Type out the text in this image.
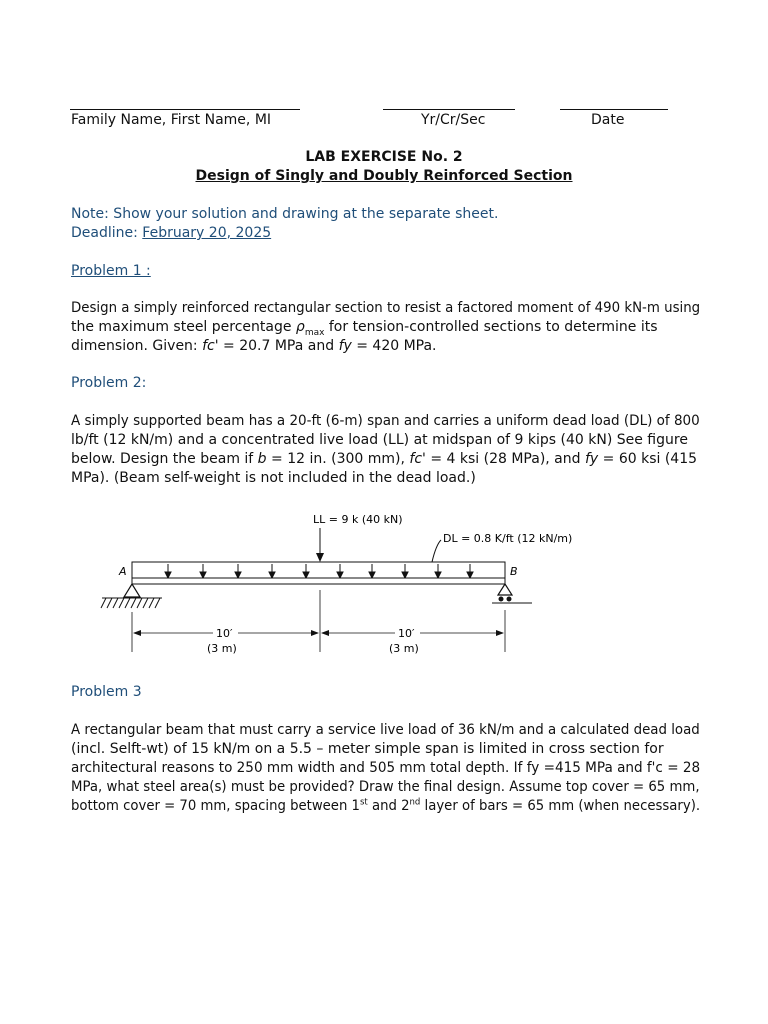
Family Name, First Name, MI	Yr/Cr/Sec	Date
LAB EXERCISE No. 2
Design of Singly and Doubly Reinforced Section
Note: Show your solution and drawing at the separate sheet.
Deadline: February 20, 2025
Problem 1 :
Design a simply reinforced rectangular section to resist a factored moment of 490 kN-m using
the maximum steel percentage $\rho_{max}$ for tension-controlled sections to determine its
dimension. Given: fc' = 20.7 MPa and fy = 420 MPa.
Problem 2:
A simply supported beam has a 20-ft (6-m) span and carries a uniform dead load (DL) of 800
lb/ft (12 kN/m) and a concentrated live load (LL) at midspan of 9 kips (40 kN) See figure
below. Design the beam if b = 12 in. (300 mm), fc' = 4 ksi (28 MPa), and fy = 60 ksi (415
MPa). (Beam self-weight is not included in the dead load.)
LL = 9 k (40 kN)
DL = 0.8 K/ft (12 kN/m)
A	B
10′
(3 m)
10′
(3 m)
Problem 3
A rectangular beam that must carry a service live load of 36 kN/m and a calculated dead load
(incl. Selft-wt) of 15 kN/m on a 5.5 – meter simple span is limited in cross section for
architectural reasons to 250 mm width and 505 mm total depth. If fy =415 MPa and f'c = 28
MPa, what steel area(s) must be provided? Draw the final design. Assume top cover = 65 mm,
bottom cover = 70 mm, spacing between 1st and 2nd layer of bars = 65 mm (when necessary).
